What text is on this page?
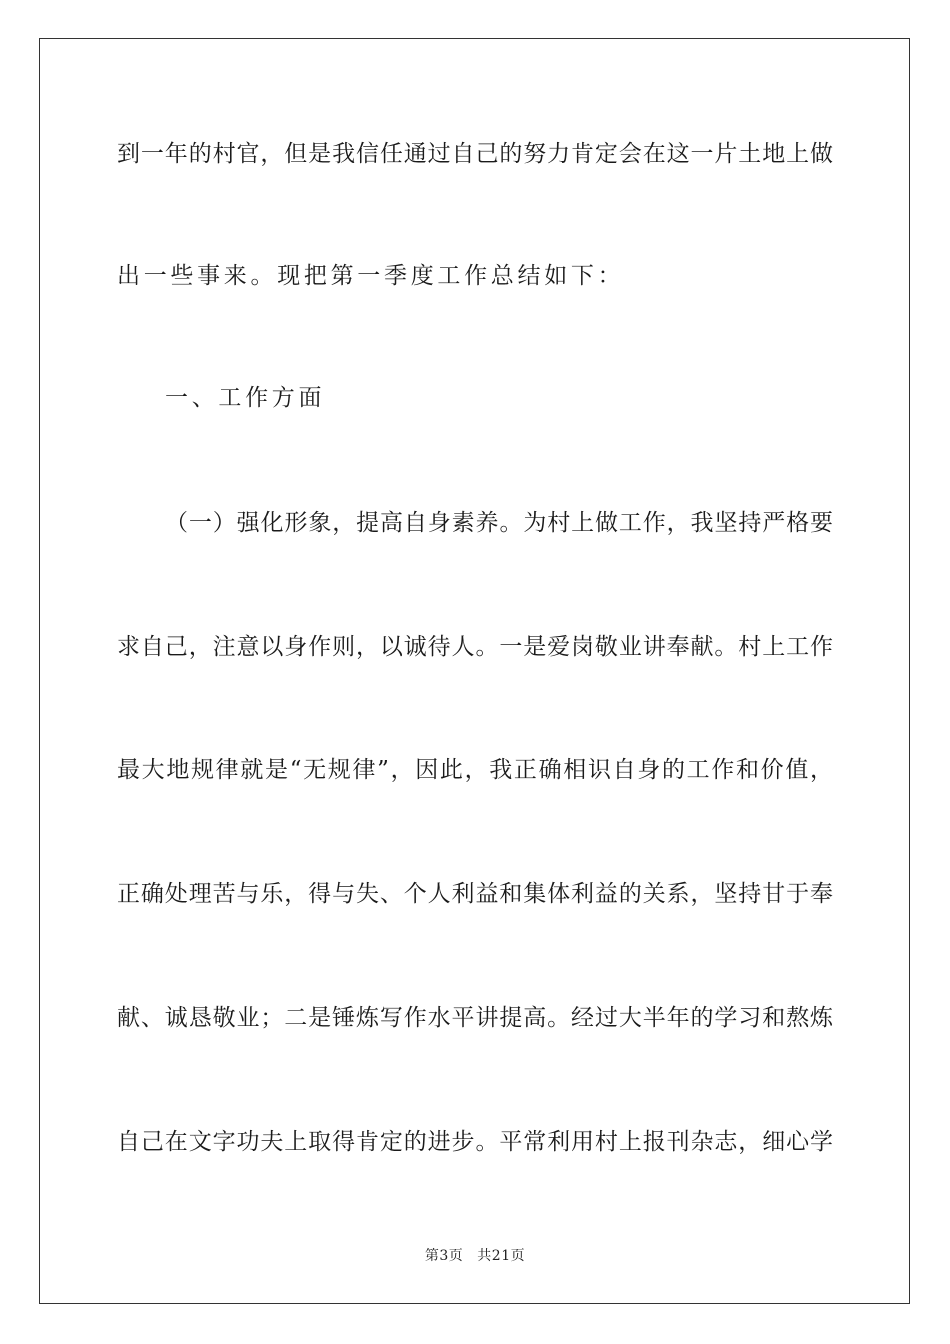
到一年的村官，但是我信任通过自己的努力肯定会在这一片土地上做
出一些事来。现把第一季度工作总结如下：
一、工作方面
（一）强化形象，提高自身素养。为村上做工作，我坚持严格要
求自己，注意以身作则，以诚待人。一是爱岗敬业讲奉献。村上工作
最大地规律就是“无规律”，因此，我正确相识自身的工作和价值，
正确处理苦与乐，得与失、个人利益和集体利益的关系，坚持甘于奉
献、诚恳敬业；二是锤炼写作水平讲提高。经过大半年的学习和熬炼
自己在文字功夫上取得肯定的进步。平常利用村上报刊杂志，细心学
第3页 共21页
